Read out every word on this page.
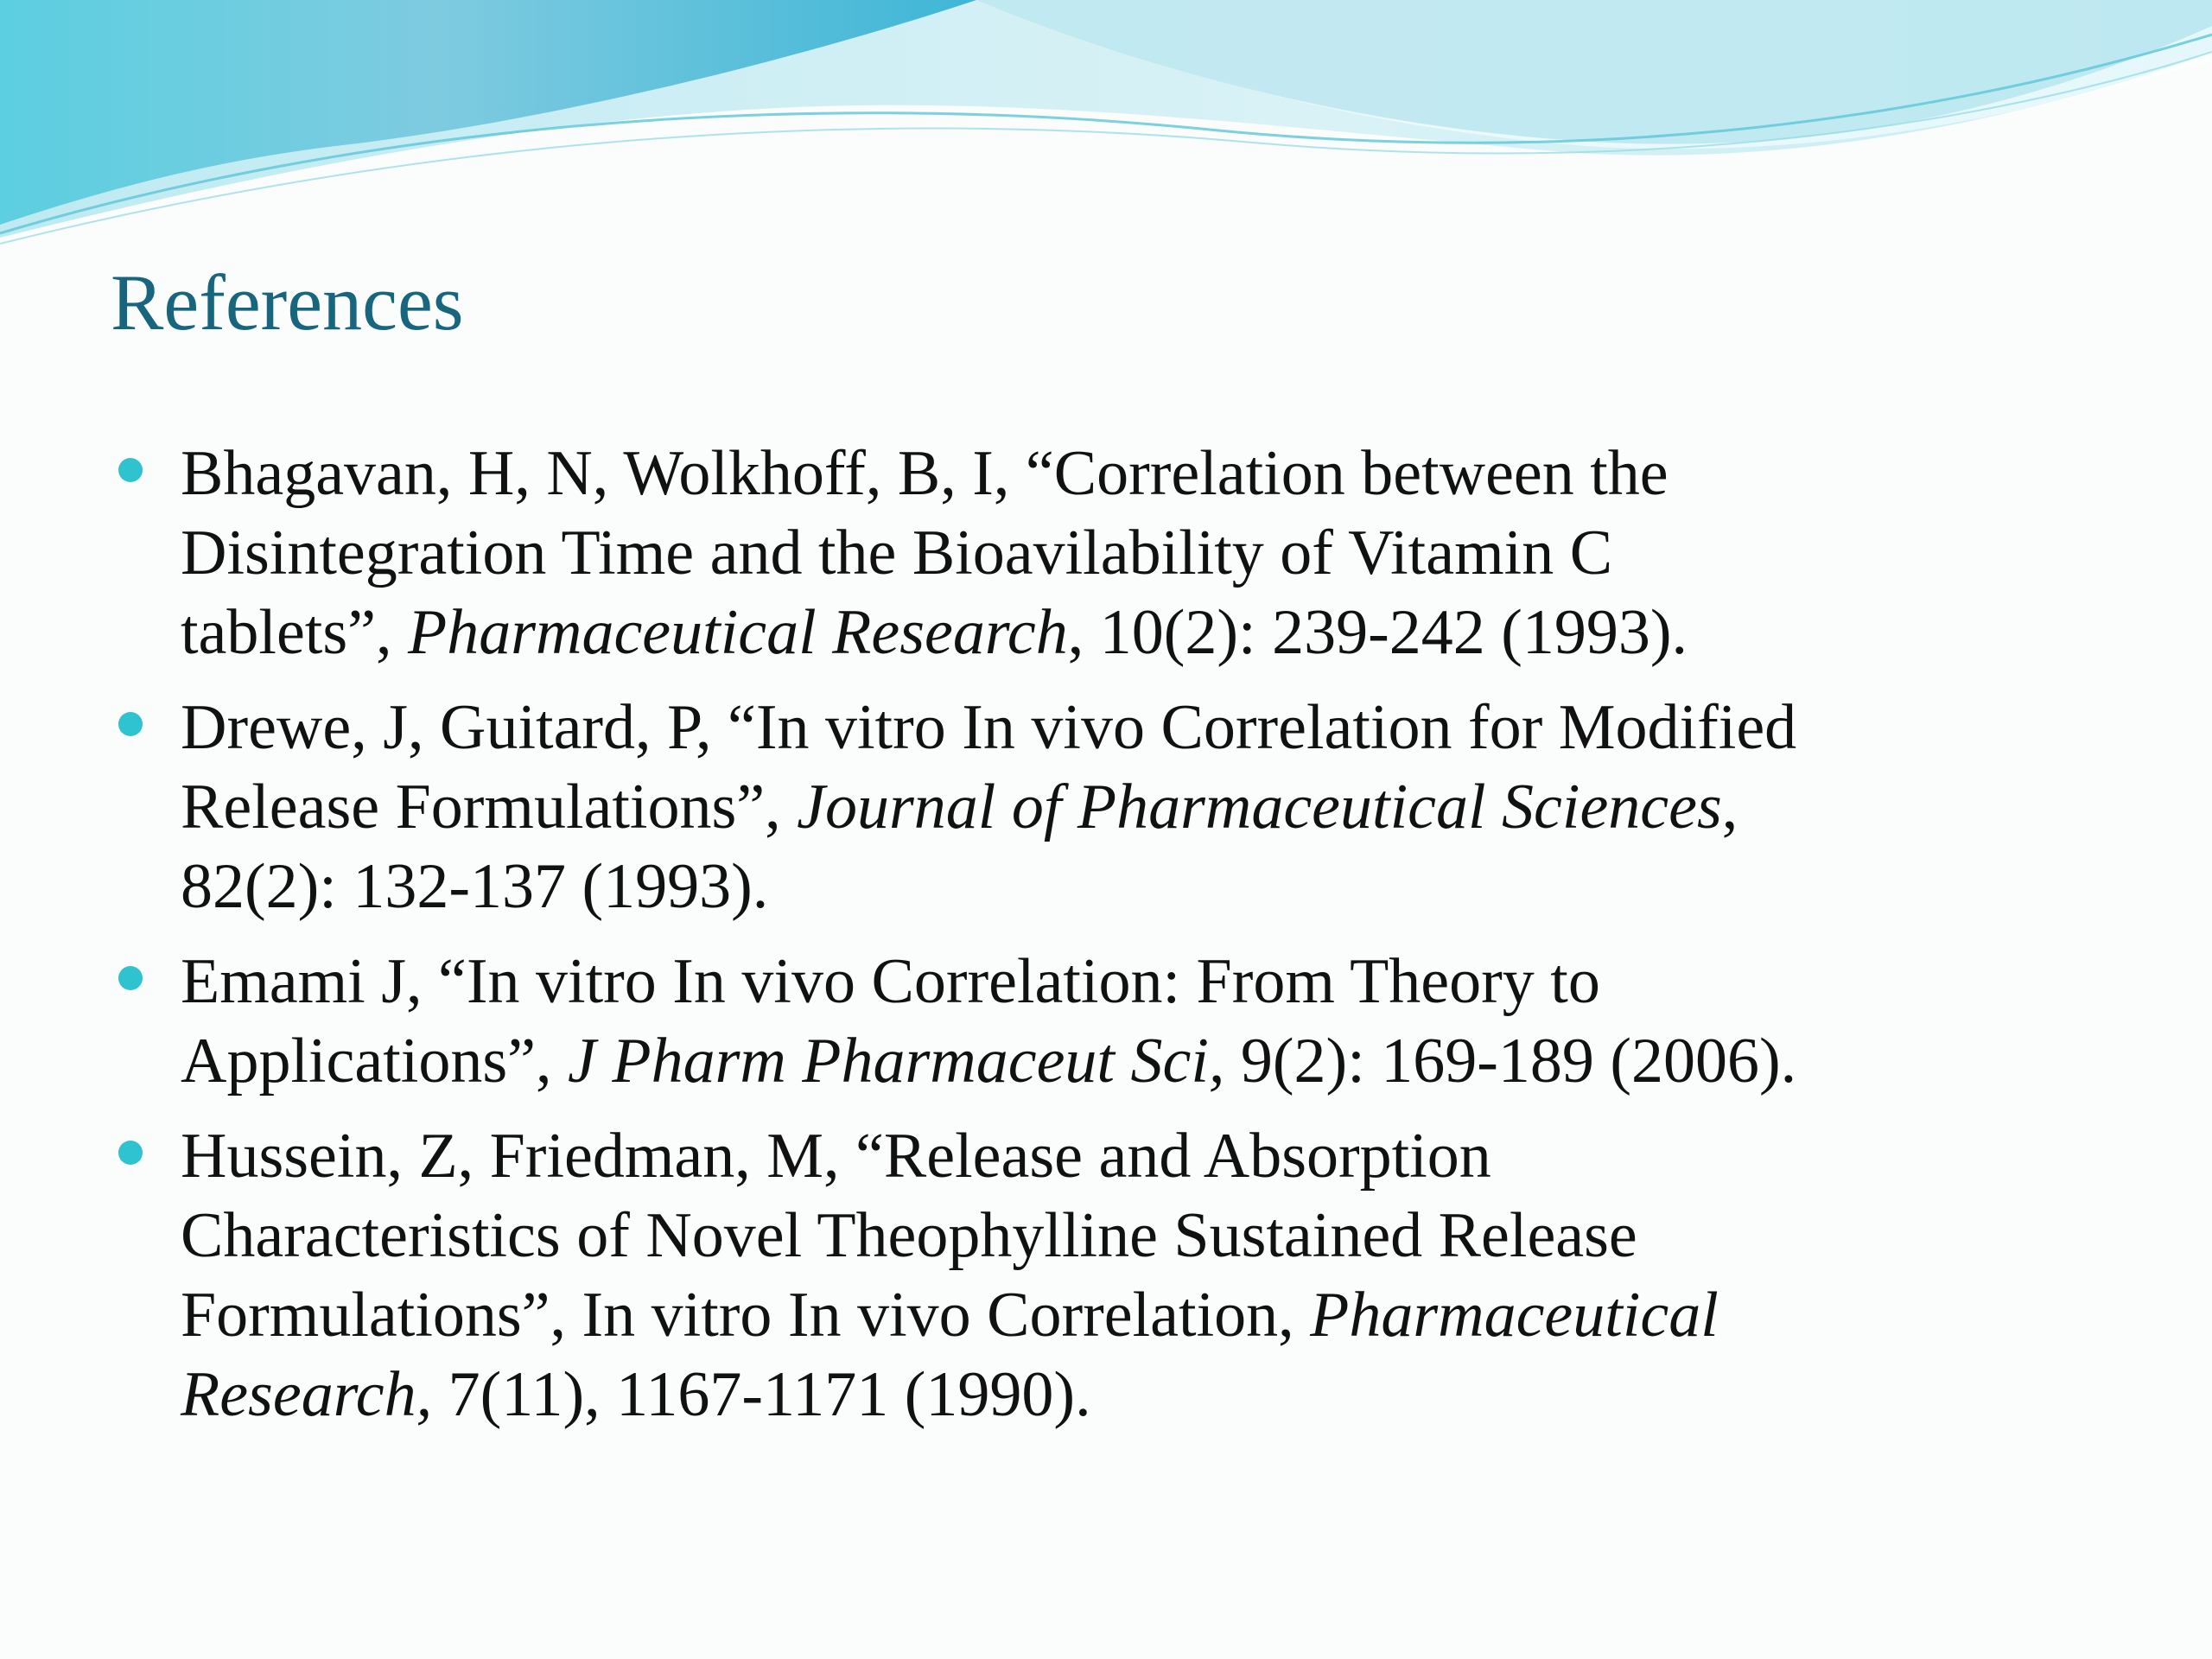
References
Bhagavan, H, N, Wolkhoff, B, I, “Correlation between the
Disintegration Time and the Bioavilability of Vitamin C
tablets”, Pharmaceutical Research, 10(2): 239-242 (1993).
Drewe, J, Guitard, P, “In vitro In vivo Correlation for Modified
Release Formulations”, Journal of Pharmaceutical Sciences,
82(2): 132-137 (1993).
Emami J, “In vitro In vivo Correlation: From Theory to
Applications”, J Pharm Pharmaceut Sci, 9(2): 169-189 (2006).
Hussein, Z, Friedman, M, “Release and Absorption
Characteristics of Novel Theophylline Sustained Release
Formulations”, In vitro In vivo Correlation, Pharmaceutical
Research, 7(11), 1167-1171 (1990).
